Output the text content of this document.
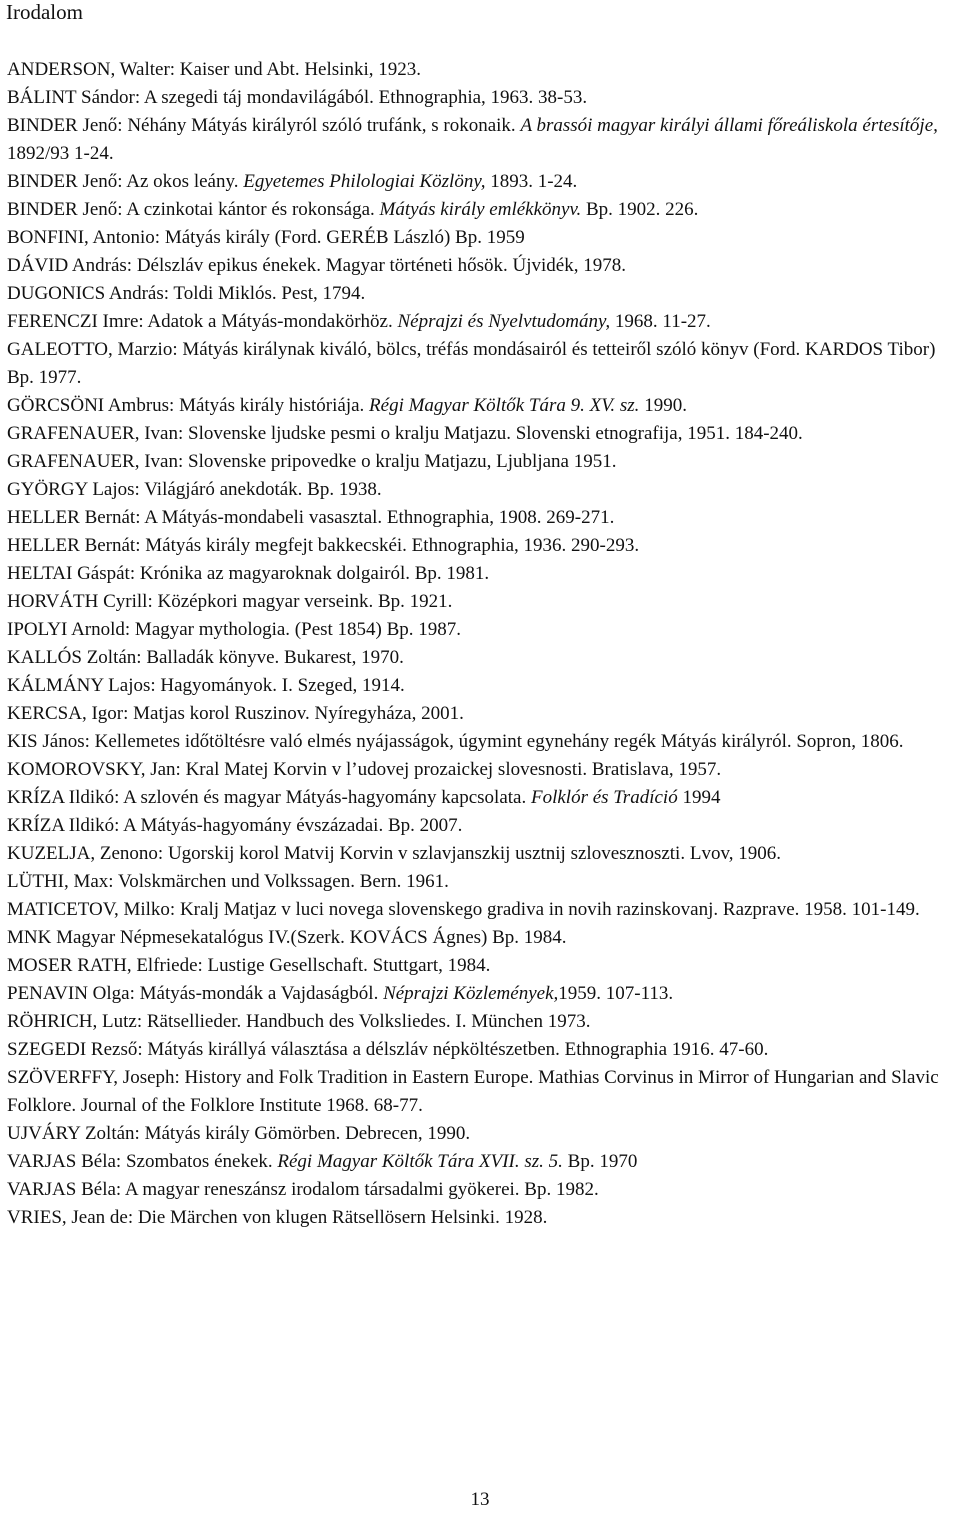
Irodalom

ANDERSON, Walter: Kaiser und Abt. Helsinki, 1923.

BÁLINT Sándor: A szegedi táj mondavilágából. Ethnographia, 1963. 38-53.

BINDER Jenő: Néhány Mátyás királyról szóló trufánk, s rokonaik. A brassói magyar királyi állami főreáliskola értesítője, 1892/93 1-24.

BINDER Jenő: Az okos leány. Egyetemes Philologiai Közlöny, 1893. 1-24.

BINDER Jenő: A czinkotai kántor és rokonsága. Mátyás király emlékkönyv. Bp. 1902. 226.

BONFINI, Antonio: Mátyás király (Ford. GERÉB László) Bp. 1959

DÁVID András: Délszláv epikus énekek. Magyar történeti hősök. Újvidék, 1978.

DUGONICS András: Toldi Miklós. Pest, 1794.

FERENCZI Imre: Adatok a Mátyás-mondakörhöz. Néprajzi és Nyelvtudomány, 1968. 11-27.

GALEOTTO, Marzio: Mátyás királynak kiváló, bölcs, tréfás mondásairól és tetteiről szóló könyv (Ford. KARDOS Tibor) Bp. 1977.

GÖRCSÖNI Ambrus: Mátyás király históriája. Régi Magyar Költők Tára 9. XV. sz. 1990.

GRAFENAUER, Ivan: Slovenske ljudske pesmi o kralju Matjazu. Slovenski etnografija, 1951. 184-240.

GRAFENAUER, Ivan: Slovenske pripovedke o kralju Matjazu, Ljubljana 1951.

GYÖRGY Lajos: Világjáró anekdoták. Bp. 1938.

HELLER Bernát: A Mátyás-mondabeli vasasztal. Ethnographia, 1908. 269-271.

HELLER Bernát: Mátyás király megfejt bakkecskéi. Ethnographia, 1936. 290-293.

HELTAI Gáspát: Krónika az magyaroknak dolgairól. Bp. 1981.

HORVÁTH Cyrill: Középkori magyar verseink. Bp. 1921.

IPOLYI Arnold: Magyar mythologia. (Pest 1854) Bp. 1987.

KALLÓS Zoltán: Balladák könyve. Bukarest, 1970.

KÁLMÁNY Lajos: Hagyományok. I. Szeged, 1914.

KERCSA, Igor: Matjas korol Ruszinov. Nyíregyháza, 2001.

KIS János: Kellemetes időtöltésre való elmés nyájasságok, úgymint egynehány regék Mátyás királyról. Sopron, 1806.

KOMOROVSKY, Jan: Kral Matej Korvin v l’udovej prozaickej slovesnosti. Bratislava, 1957.

KRÍZA Ildikó: A szlovén és magyar Mátyás-hagyomány kapcsolata. Folklór és Tradíció 1994

KRÍZA Ildikó: A Mátyás-hagyomány évszázadai. Bp. 2007.

KUZELJA, Zenono: Ugorskij korol Matvij Korvin v szlavjanszkij usztnij szlovesznoszti. Lvov, 1906.

LÜTHI, Max: Volskmärchen und Volkssagen. Bern. 1961.

MATICETOV, Milko: Kralj Matjaz v luci novega slovenskego gradiva in novih razinskovanj. Razprave. 1958. 101-149.

MNK Magyar Népmesekatalógus IV.(Szerk. KOVÁCS Ágnes) Bp. 1984.

MOSER RATH, Elfriede: Lustige Gesellschaft. Stuttgart, 1984.

PENAVIN Olga: Mátyás-mondák a Vajdaságból. Néprajzi Közlemények,1959. 107-113.

RÖHRICH, Lutz: Rätsellieder. Handbuch des Volksliedes. I. München 1973.

SZEGEDI Rezső: Mátyás királlyá választása a délszláv népköltészetben. Ethnographia 1916. 47-60.

SZÖVERFFY, Joseph: History and Folk Tradition in Eastern Europe. Mathias Corvinus in Mirror of Hungarian and Slavic Folklore. Journal of the Folklore Institute 1968. 68-77.

UJVÁRY Zoltán: Mátyás király Gömörben. Debrecen, 1990.

VARJAS Béla: Szombatos énekek. Régi Magyar Költők Tára XVII. sz. 5. Bp. 1970

VARJAS Béla: A magyar reneszánsz irodalom társadalmi gyökerei. Bp. 1982.

VRIES, Jean de: Die Märchen von klugen Rätsellösern Helsinki. 1928.

13
